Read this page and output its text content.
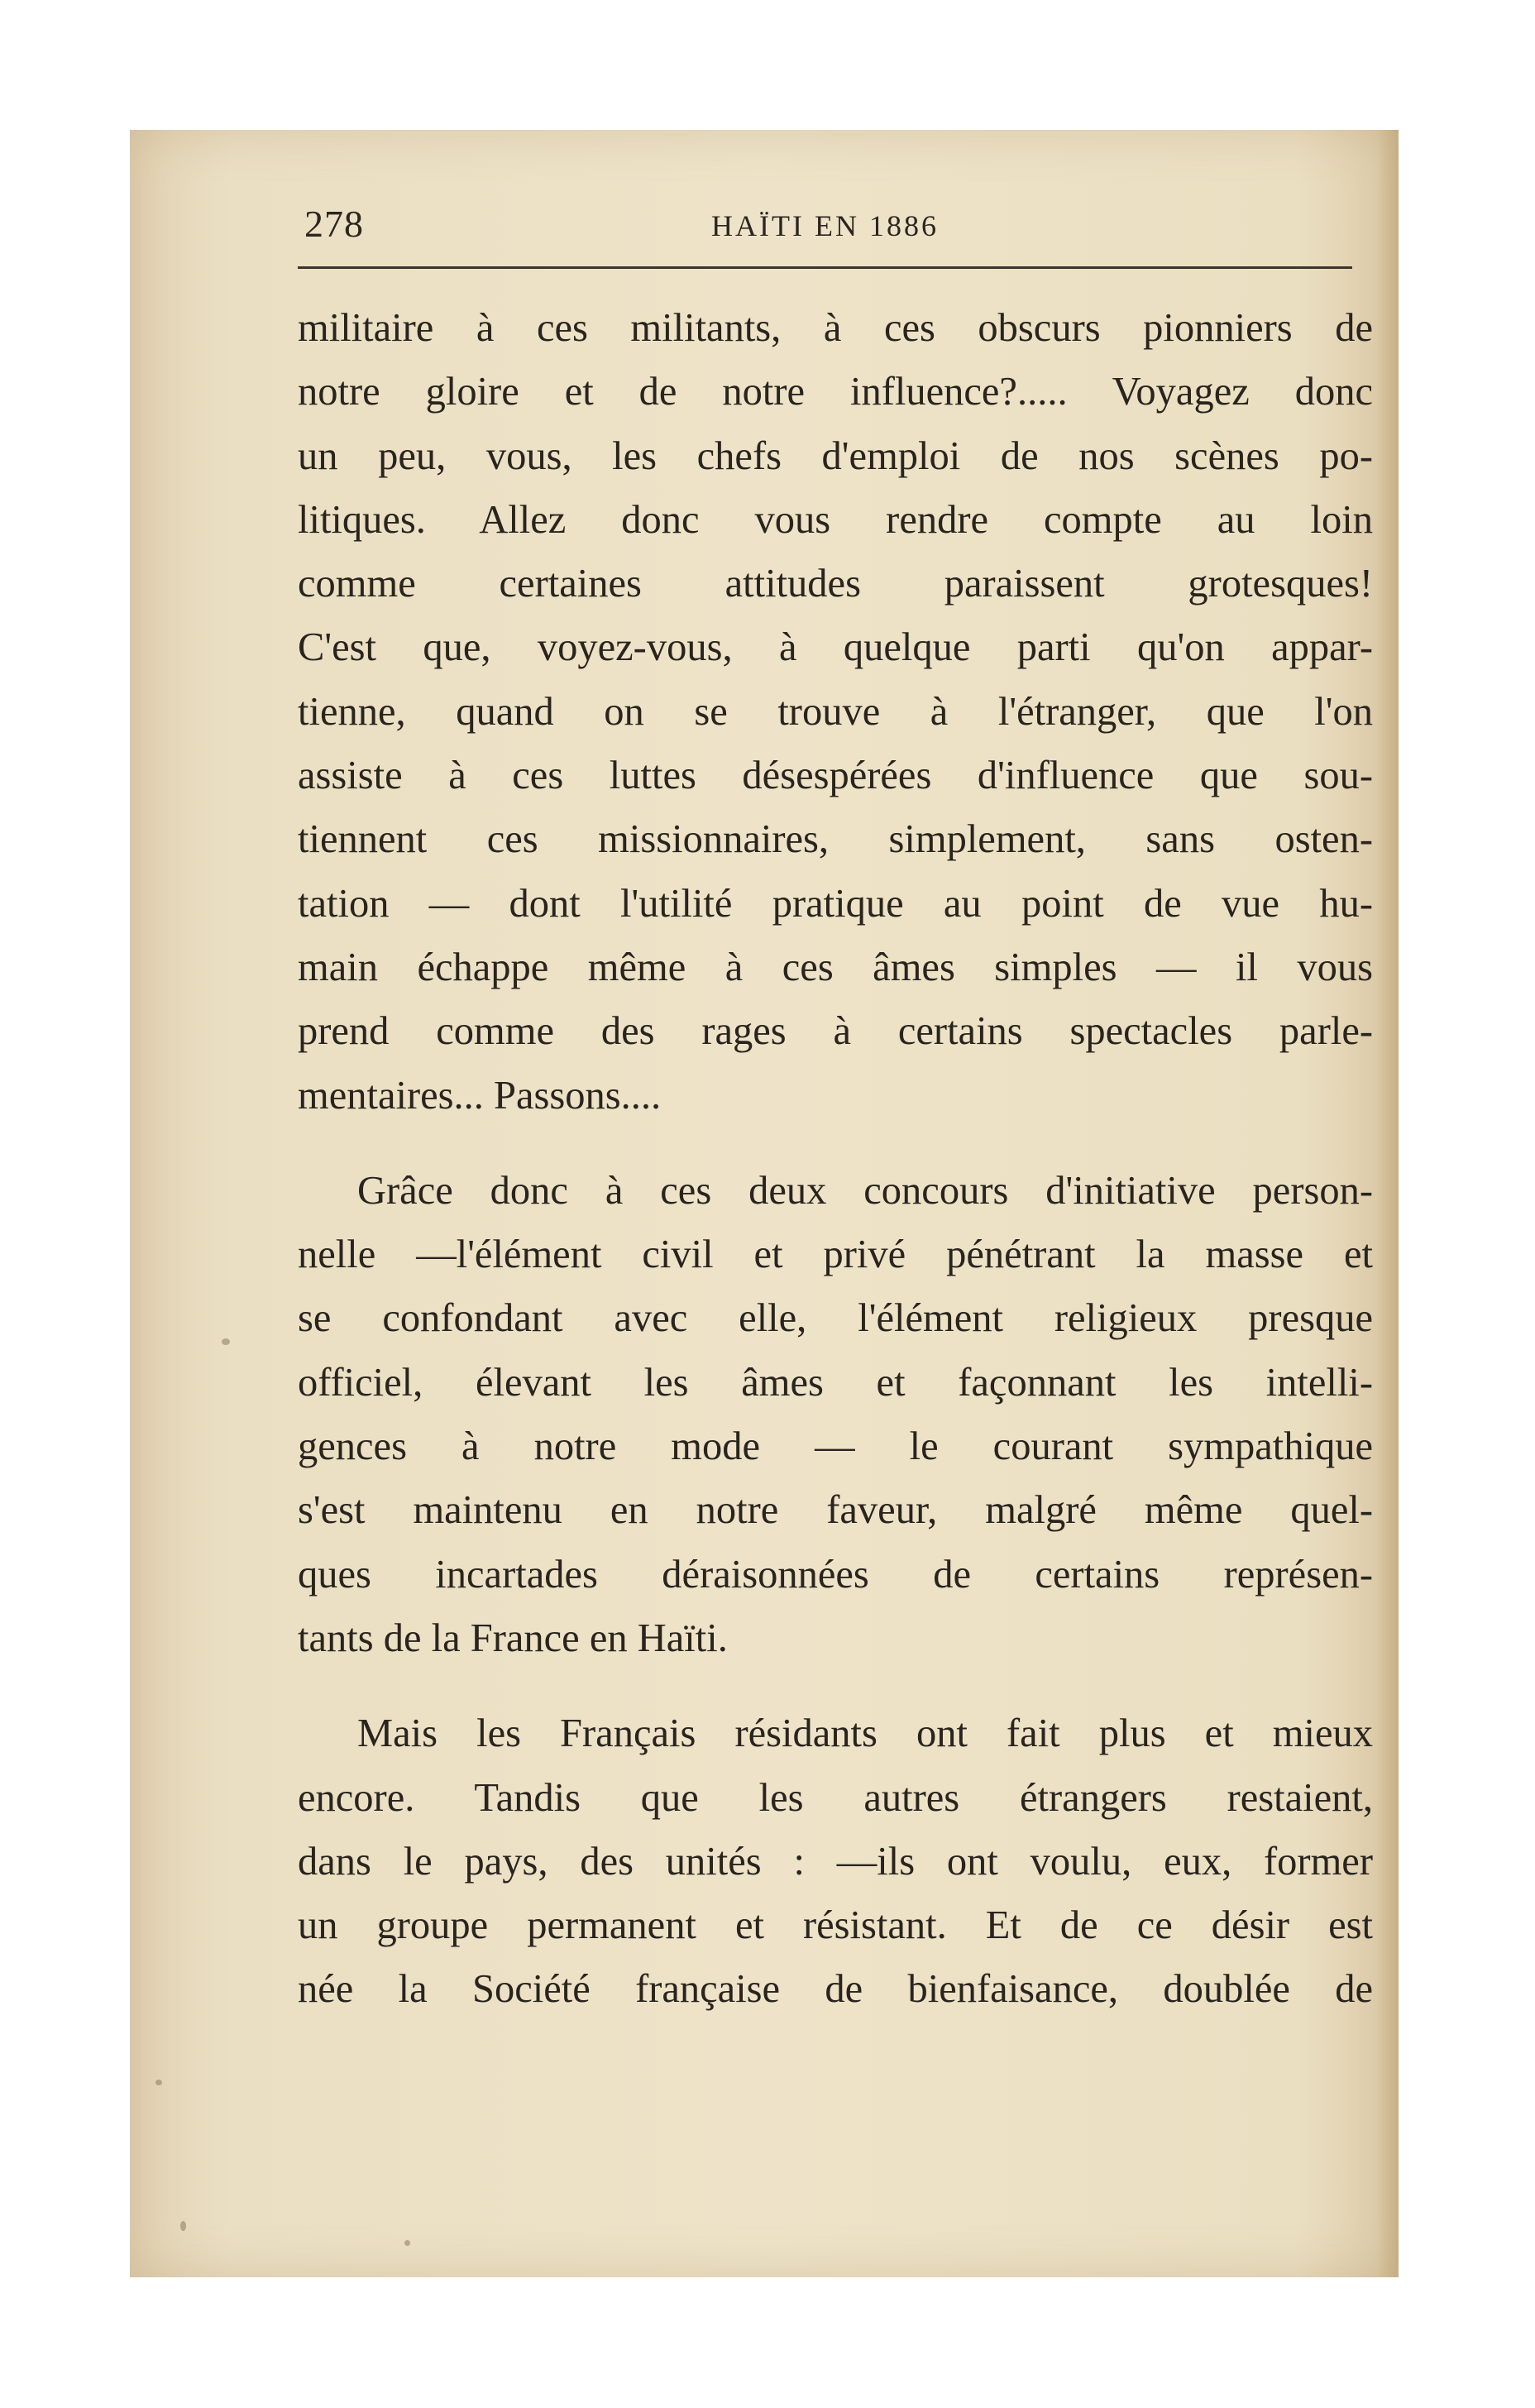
278	HAÏTI EN 1886

militaire à ces militants, à ces obscurs pionniers de
notre gloire et de notre influence?..... Voyagez donc
un peu, vous, les chefs d'emploi de nos scènes po-
litiques. Allez donc vous rendre compte au loin
comme certaines attitudes paraissent grotesques!
C'est que, voyez-vous, à quelque parti qu'on appar-
tienne, quand on se trouve à l'étranger, que l'on
assiste à ces luttes désespérées d'influence que sou-
tiennent ces missionnaires, simplement, sans osten-
tation — dont l'utilité pratique au point de vue hu-
main échappe même à ces âmes simples — il vous
prend comme des rages à certains spectacles parle-
mentaires... Passons....

Grâce donc à ces deux concours d'initiative person-
nelle —l'élément civil et privé pénétrant la masse et
se confondant avec elle, l'élément religieux presque
officiel, élevant les âmes et façonnant les intelli-
gences à notre mode — le courant sympathique
s'est maintenu en notre faveur, malgré même quel-
ques incartades déraisonnées de certains représen-
tants de la France en Haïti.

Mais les Français résidants ont fait plus et mieux
encore. Tandis que les autres étrangers restaient,
dans le pays, des unités : —ils ont voulu, eux, former
un groupe permanent et résistant. Et de ce désir est
née la Société française de bienfaisance, doublée de
